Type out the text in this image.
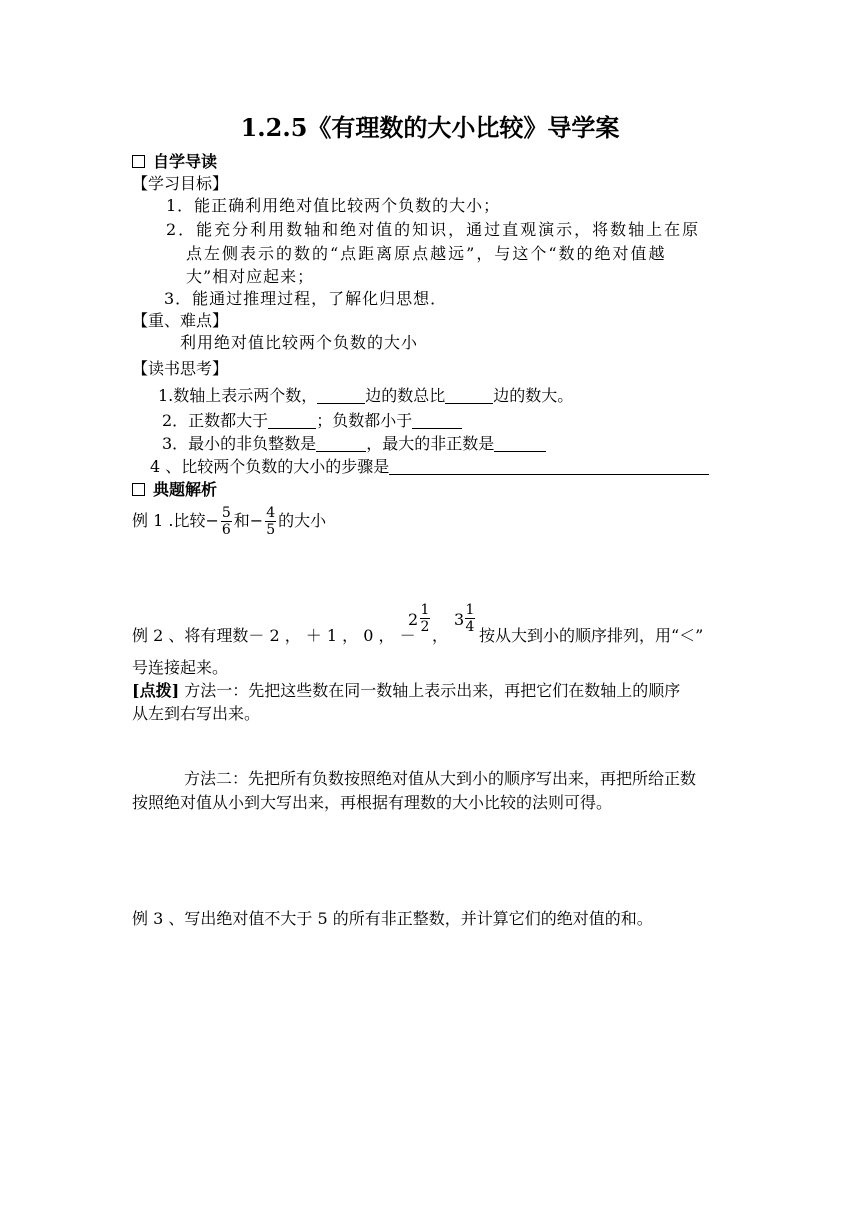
1.2.5《有理数的大小比较》导学案
自学导读
【学习目标】
1．能正确利用绝对值比较两个负数的大小；
2．能充分利用数轴和绝对值的知识，通过直观演示，将数轴上在原
点左侧表示的数的“点距离原点越远”，与这个“数的绝对值越
大”相对应起来；
3．能通过推理过程，了解化归思想．
【重、难点】
利用绝对值比较两个负数的大小
【读书思考】
1.数轴上表示两个数，	边的数总比	边的数大。
2．正数都大于	；负数都小于
3．最小的非负整数是	，最大的非正数是
4 、比较两个负数的大小的步骤是
典题解析
例 1 .比较− $\frac{5}{6}$ 和− $\frac{4}{5}$ 的大小
例 2 、将有理数－ 2 ， ＋ 1 ， 0 ， －
$2 \frac{1}{2}$
，
$3 \frac{1}{4}$
按从大到小的顺序排列，用“＜”
号连接起来。
[点拨] 方法一：先把这些数在同一数轴上表示出来，再把它们在数轴上的顺序
从左到右写出来。
方法二：先把所有负数按照绝对值从大到小的顺序写出来，再把所给正数
按照绝对值从小到大写出来，再根据有理数的大小比较的法则可得。
例 3 、写出绝对值不大于 5 的所有非正整数，并计算它们的绝对值的和。
